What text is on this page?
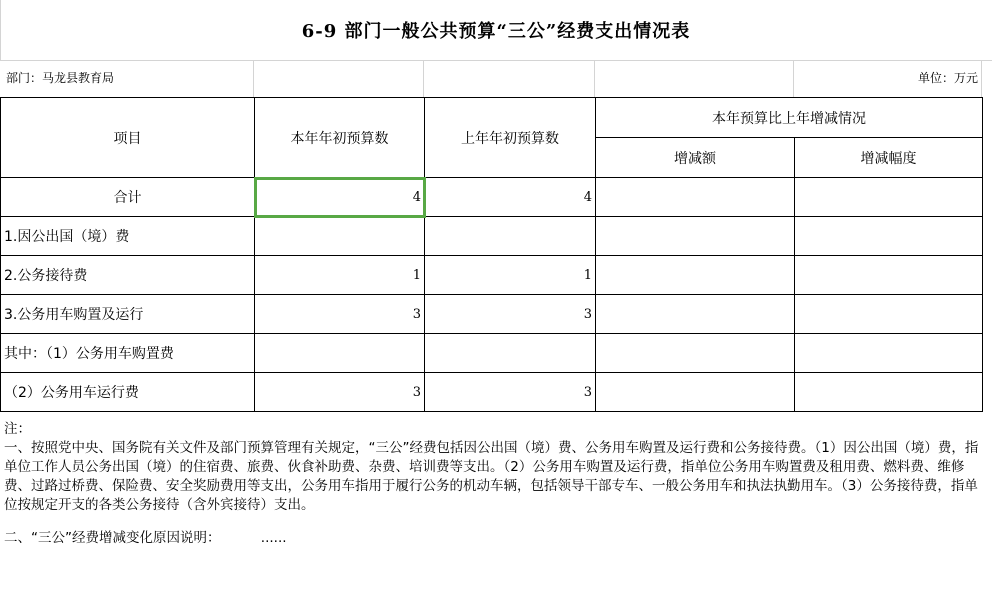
6-9 部门一般公共预算“三公”经费支出情况表
部门：马龙县教育局	单位：万元
项目	本年年初预算数	上年年初预算数	本年预算比上年增减情况	
			增减额	增减幅度
合计	4	4		
1.因公出国（境）费				
2.公务接待费	1	1		
3.公务用车购置及运行	3	3		
其中：（1）公务用车购置费				
（2）公务用车运行费	3	3		

注：

一、按照党中央、国务院有关文件及部门预算管理有关规定，“三公”经费包括因公出国（境）费、公务用车购置及运行费和公务接待费。（1）因公出国（境）费，指单位工作人员公务出国（境）的住宿费、旅费、伙食补助费、杂费、培训费等支出。（2）公务用车购置及运行费，指单位公务用车购置费及租用费、燃料费、维修费、过路过桥费、保险费、安全奖励费用等支出，公务用车指用于履行公务的机动车辆，包括领导干部专车、一般公务用车和执法执勤用车。（3）公务接待费，指单位按规定开支的各类公务接待（含外宾接待）支出。

二、“三公”经费增减变化原因说明：	......
